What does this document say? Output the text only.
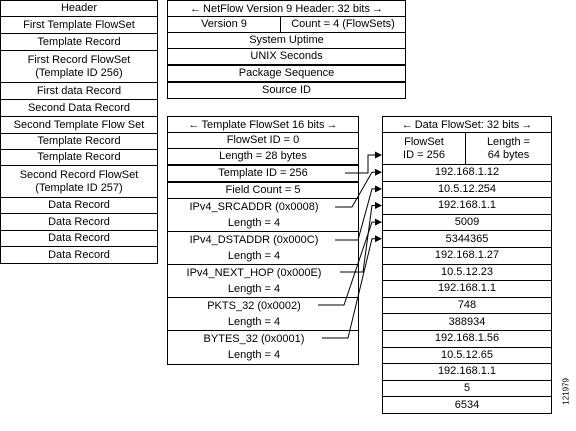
Header
First Template FlowSet
Template Record
First Record FlowSet
(Template ID 256)
First data Record
Second Data Record
Second Template Flow Set
Template Record
Template Record
Second Record FlowSet
(Template ID 257)
Data Record
Data Record
Data Record
Data Record
← NetFlow Version 9 Header: 32 bits →
Version 9	Count = 4 (FlowSets)
System Uptime
UNIX Seconds
Package Sequence
Source ID
← Template FlowSet 16 bits →
FlowSet ID = 0
Length = 28 bytes
Template ID = 256
Field Count = 5
IPv4_SRCADDR (0x0008)
Length = 4
IPv4_DSTADDR (0x000C)
Length = 4
IPv4_NEXT_HOP (0x000E)
Length = 4
PKTS_32 (0x0002)
Length = 4
BYTES_32 (0x0001)
Length = 4
← Data FlowSet: 32 bits →
FlowSet
ID = 256
Length =
64 bytes
192.168.1.12
10.5.12.254
192.168.1.1
5009
5344365
192.168.1.27
10.5.12.23
192.168.1.1
748
388934
192.168.1.56
10.5.12.65
192.168.1.1
5
6534	121979
